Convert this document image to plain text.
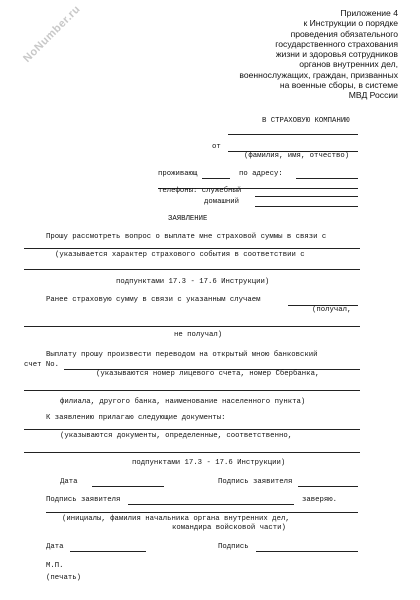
NoNumber.ru	Приложение 4
к Инструкции о порядке
проведения обязательного
государственного страхования
жизни и здоровья сотрудников
органов внутренних дел,
военнослужащих, граждан, призванных
на военные сборы, в системе
МВД России
В СТРАХОВУЮ КОМПАНИЮ
от
(фамилия, имя, отчество)
проживающ	по адресу:
телефоны: служебный
домашний
ЗАЯВЛЕНИЕ
Прошу рассмотреть вопрос о выплате мне страховой суммы в связи с
(указывается характер страхового события в соответствии с
подпунктами 17.3 - 17.6 Инструкции)
Ранее страховую сумму в связи с указанным случаем
(получал,
не получал)
Выплату прошу произвести переводом на открытый мною банковский
счет No.
(указываются номер лицевого счета, номер Сбербанка,
филиала, другого банка, наименование населенного пункта)
К заявлению прилагаю следующие документы:
(указываются документы, определенные, соответственно,
подпунктами 17.3 - 17.6 Инструкции)
Дата	Подпись заявителя
Подпись заявителя	заверяю.
(инициалы, фамилия начальника органа внутренних дел,
командира войсковой части)
Дата	Подпись
М.П.
(печать)
